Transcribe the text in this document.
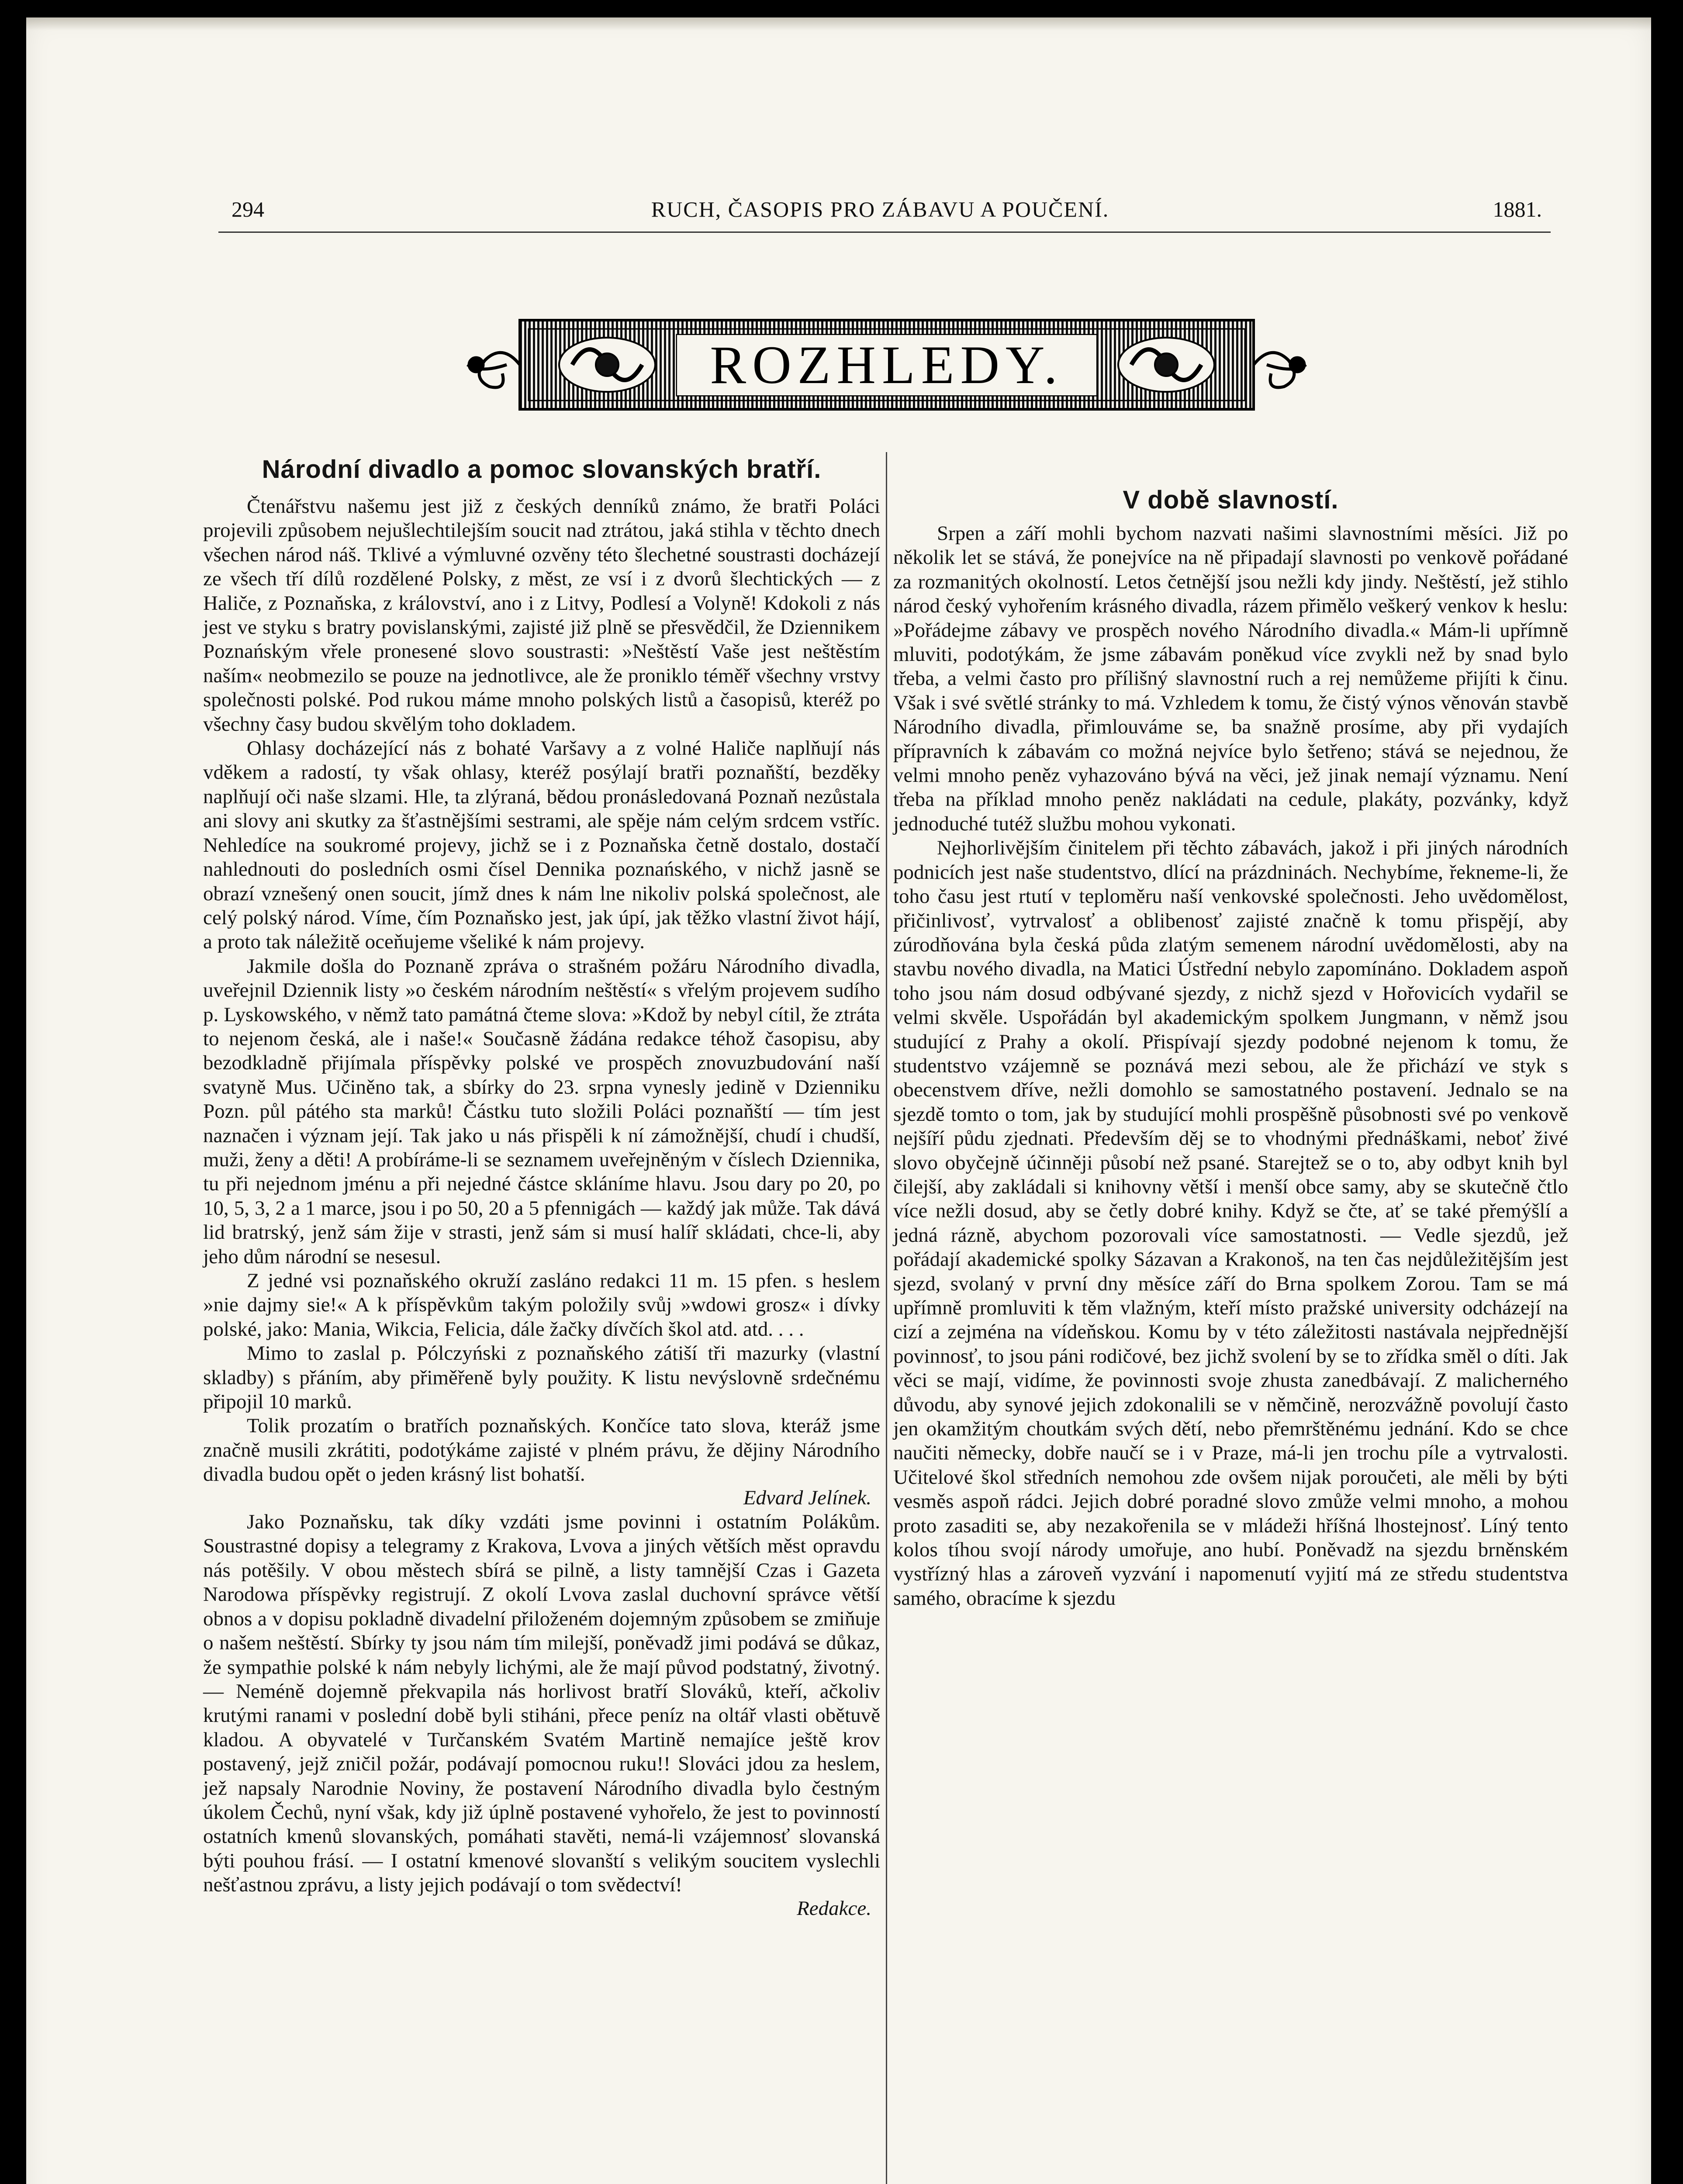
294	RUCH, ČASOPIS PRO ZÁBAVU A POUČENÍ.	1881.
ROZHLEDY.
Národní divadlo a pomoc slovanských bratří.

Čtenářstvu našemu jest již z českých denníků známo, že bratři Poláci projevili způsobem nejušlechtilejším soucit nad ztrátou, jaká stihla v těchto dnech všechen národ náš. Tklivé a výmluvné ozvěny této šlechetné soustrasti docházejí ze všech tří dílů rozdělené Polsky, z měst, ze vsí i z dvorů šlechtických — z Haliče, z Poznaňska, z království, ano i z Litvy, Podlesí a Volyně! Kdokoli z nás jest ve styku s bratry povislanskými, zajisté již plně se přesvědčil, že Dziennikem Poznańským vřele pronesené slovo soustrasti: »Neštěstí Vaše jest neštěstím naším« neobmezilo se pouze na jednotlivce, ale že proniklo téměř všechny vrstvy společnosti polské. Pod rukou máme mnoho polských listů a časopisů, kteréž po všechny časy budou skvělým toho dokladem.

Ohlasy docházející nás z bohaté Varšavy a z volné Haliče naplňují nás vděkem a radostí, ty však ohlasy, kteréž posýlají bratři poznaňští, bezděky naplňují oči naše slzami. Hle, ta zlýraná, bědou pronásledovaná Poznaň nezůstala ani slovy ani skutky za šťastnějšími sestrami, ale spěje nám celým srdcem vstříc. Nehledíce na soukromé projevy, jichž se i z Poznaňska četně dostalo, dostačí nahlednouti do posledních osmi čísel Dennika poznańského, v nichž jasně se obrazí vznešený onen soucit, jímž dnes k nám lne nikoliv polská společnost, ale celý polský národ. Víme, čím Poznaňsko jest, jak úpí, jak těžko vlastní život hájí, a proto tak náležitě oceňujeme všeliké k nám projevy.

Jakmile došla do Poznaně zpráva o strašném požáru Národního divadla, uveřejnil Dziennik listy »o českém národním neštěstí« s vřelým projevem sudího p. Lyskowského, v němž tato památná čteme slova: »Kdož by nebyl cítil, že ztráta to nejenom česká, ale i naše!« Současně žádána redakce téhož časopisu, aby bezodkladně přijímala příspěvky polské ve prospěch znovuzbudování naší svatyně Mus. Učiněno tak, a sbírky do 23. srpna vynesly jedině v Dzienniku Pozn. půl pátého sta marků! Částku tuto složili Poláci poznaňští — tím jest naznačen i význam její. Tak jako u nás přispěli k ní zámožnější, chudí i chudší, muži, ženy a děti! A probíráme-li se seznamem uveřejněným v číslech Dziennika, tu při nejednom jménu a při nejedné částce skláníme hlavu. Jsou dary po 20, po 10, 5, 3, 2 a 1 marce, jsou i po 50, 20 a 5 pfennigách — každý jak může. Tak dává lid bratrský, jenž sám žije v strasti, jenž sám si musí halíř skládati, chce-li, aby jeho dům národní se nesesul.

Z jedné vsi poznaňského okruží zasláno redakci 11 m. 15 pfen. s heslem »nie dajmy sie!« A k příspěvkům takým položily svůj »wdowi grosz« i dívky polské, jako: Mania, Wikcia, Felicia, dále žačky dívčích škol atd. atd. . . .

Mimo to zaslal p. Pólczyński z poznaňského zátiší tři mazurky (vlastní skladby) s přáním, aby přiměřeně byly použity. K listu nevýslovně srdečnému připojil 10 marků.

Tolik prozatím o bratřích poznaňských. Končíce tato slova, kteráž jsme značně musili zkrátiti, podotýkáme zajisté v plném právu, že dějiny Národního divadla budou opět o jeden krásný list bohatší.

Edvard Jelínek.

Jako Poznaňsku, tak díky vzdáti jsme povinni i ostatním Polákům. Soustrastné dopisy a telegramy z Krakova, Lvova a jiných větších měst opravdu nás potěšily. V obou městech sbírá se pilně, a listy tamnější Czas i Gazeta Narodowa příspěvky registrují. Z okolí Lvova zaslal duchovní správce větší obnos a v dopisu pokladně divadelní přiloženém dojemným způsobem se zmiňuje o našem neštěstí. Sbírky ty jsou nám tím milejší, poněvadž jimi podává se důkaz, že sympathie polské k nám nebyly lichými, ale že mají původ podstatný, životný. — Neméně dojemně překvapila nás horlivost bratří Slováků, kteří, ačkoliv krutými ranami v poslední době byli stiháni, přece peníz na oltář vlasti obětuvě kladou. A obyvatelé v Turčanském Svatém Martině nemajíce ještě krov postavený, jejž zničil požár, podávají pomocnou ruku!! Slováci jdou za heslem, jež napsaly Narodnie Noviny, že postavení Národního divadla bylo čestným úkolem Čechů, nyní však, kdy již úplně postavené vyhořelo, že jest to povinností ostatních kmenů slovanských, pomáhati stavěti, nemá-li vzájemnosť slovanská býti pouhou frásí. — I ostatní kmenové slovanští s velikým soucitem vyslechli nešťastnou zprávu, a listy jejich podávají o tom svědectví!

Redakce.
V době slavností.

Srpen a září mohli bychom nazvati našimi slavnostními měsíci. Již po několik let se stává, že ponejvíce na ně připadají slavnosti po venkově pořádané za rozmanitých okolností. Letos četnější jsou nežli kdy jindy. Neštěstí, jež stihlo národ český vyhořením krásného divadla, rázem přimělo veškerý venkov k heslu: »Pořádejme zábavy ve prospěch nového Národního divadla.« Mám-li upřímně mluviti, podotýkám, že jsme zábavám poněkud více zvykli než by snad bylo třeba, a velmi často pro přílišný slavnostní ruch a rej nemůžeme přijíti k činu. Však i své světlé stránky to má. Vzhledem k tomu, že čistý výnos věnován stavbě Národního divadla, přimlouváme se, ba snažně prosíme, aby při vydajích přípravních k zábavám co možná nejvíce bylo šetřeno; stává se nejednou, že velmi mnoho peněz vyhazováno bývá na věci, jež jinak nemají významu. Není třeba na příklad mnoho peněz nakládati na cedule, plakáty, pozvánky, když jednoduché tutéž službu mohou vykonati.

Nejhorlivějším činitelem při těchto zábavách, jakož i při jiných národních podnicích jest naše studentstvo, dlící na prázdninách. Nechybíme, řekneme-li, že toho času jest rtutí v teploměru naší venkovské společnosti. Jeho uvědomělost, přičinlivosť, vytrvalosť a oblibenosť zajisté značně k tomu přispějí, aby zúrodňována byla česká půda zlatým semenem národní uvědomělosti, aby na stavbu nového divadla, na Matici Ústřední nebylo zapomínáno. Dokladem aspoň toho jsou nám dosud odbývané sjezdy, z nichž sjezd v Hořovicích vydařil se velmi skvěle. Uspořádán byl akademickým spolkem Jungmann, v němž jsou studující z Prahy a okolí. Přispívají sjezdy podobné nejenom k tomu, že studentstvo vzájemně se poznává mezi sebou, ale že přichází ve styk s obecenstvem dříve, nežli domohlo se samostatného postavení. Jednalo se na sjezdě tomto o tom, jak by studující mohli prospěšně působnosti své po venkově nejšíří půdu zjednati. Především děj se to vhodnými přednáškami, neboť živé slovo obyčejně účinněji působí než psané. Starejtež se o to, aby odbyt knih byl čilejší, aby zakládali si knihovny větší i menší obce samy, aby se skutečně čtlo více nežli dosud, aby se četly dobré knihy. Když se čte, ať se také přemýšlí a jedná rázně, abychom pozorovali více samostatnosti. — Vedle sjezdů, jež pořádají akademické spolky Sázavan a Krakonoš, na ten čas nejdůležitějším jest sjezd, svolaný v první dny měsíce září do Brna spolkem Zorou. Tam se má upřímně promluviti k těm vlažným, kteří místo pražské university odcházejí na cizí a zejména na vídeňskou. Komu by v této záležitosti nastávala nejpřednější povinnosť, to jsou páni rodičové, bez jichž svolení by se to zřídka směl o díti. Jak věci se mají, vidíme, že povinnosti svoje zhusta zanedbávají. Z malicherného důvodu, aby synové jejich zdokonalili se v němčině, nerozvážně povolují často jen okamžitým choutkám svých dětí, nebo přemrštěnému jednání. Kdo se chce naučiti německy, dobře naučí se i v Praze, má-li jen trochu píle a vytrvalosti. Učitelové škol středních nemohou zde ovšem nijak poroučeti, ale měli by býti vesměs aspoň rádci. Jejich dobré poradné slovo zmůže velmi mnoho, a mohou proto zasaditi se, aby nezakořenila se v mládeži hříšná lhostejnosť. Líný tento kolos tíhou svojí národy umořuje, ano hubí. Poněvadž na sjezdu brněnském vystřízný hlas a zároveň vyzvání i napomenutí vyjití má ze středu studentstva samého, obracíme k sjezdu
